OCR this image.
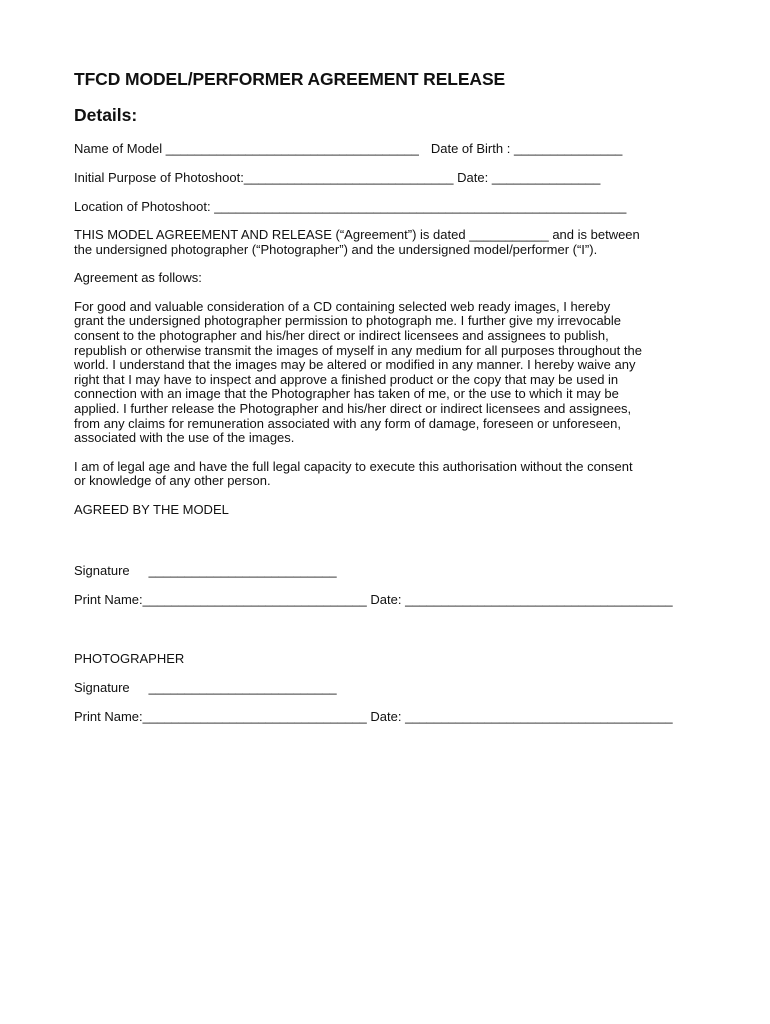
TFCD MODEL/PERFORMER AGREEMENT RELEASE
Details:
Name of Model ___________________________________ Date of Birth : _______________
Initial Purpose of Photoshoot:_____________________________ Date: _______________
Location of Photoshoot: _________________________________________________________
THIS MODEL AGREEMENT AND RELEASE (“Agreement”) is dated ___________ and is between
the undersigned photographer (“Photographer”) and the undersigned model/performer (“I”).

Agreement as follows:

For good and valuable consideration of a CD containing selected web ready images, I hereby
grant the undersigned photographer permission to photograph me. I further give my irrevocable
consent to the photographer and his/her direct or indirect licensees and assignees to publish,
republish or otherwise transmit the images of myself in any medium for all purposes throughout the
world. I understand that the images may be altered or modified in any manner. I hereby waive any
right that I may have to inspect and approve a finished product or the copy that may be used in
connection with an image that the Photographer has taken of me, or the use to which it may be
applied. I further release the Photographer and his/her direct or indirect licensees and assignees,
from any claims for remuneration associated with any form of damage, foreseen or unforeseen,
associated with the use of the images.
I am of legal age and have the full legal capacity to execute this authorisation without the consent
or knowledge of any other person.

AGREED BY THE MODEL

Signature __________________________
Print Name:_______________________________ Date: _____________________________________

PHOTOGRAPHER

Signature __________________________
Print Name:_______________________________ Date: _____________________________________
